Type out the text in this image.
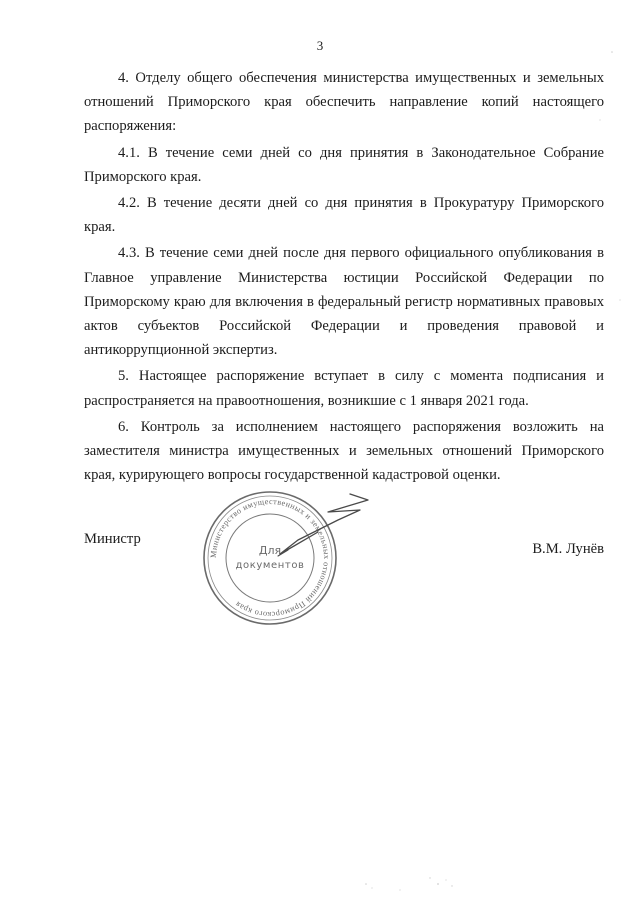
3

4. Отделу общего обеспечения министерства имущественных и земельных отношений Приморского края обеспечить направление копий настоящего распоряжения:

4.1. В течение семи дней со дня принятия в Законодательное Собрание Приморского края.

4.2. В течение десяти дней со дня принятия в Прокуратуру Приморского края.

4.3. В течение семи дней после дня первого официального опубликования в Главное управление Министерства юстиции Российской Федерации по Приморскому краю для включения в федеральный регистр нормативных правовых актов субъектов Российской Федерации и проведения правовой и антикоррупционной экспертиз.

5. Настоящее распоряжение вступает в силу с момента подписания и распространяется на правоотношения, возникшие с 1 января 2021 года.

6. Контроль за исполнением настоящего распоряжения возложить на заместителя министра имущественных и земельных отношений Приморского края, курирующего вопросы государственной кадастровой оценки.

Министр
В.М. Лунёв
Министерство имущественных и земельных отношений Приморского края
Для
документов
